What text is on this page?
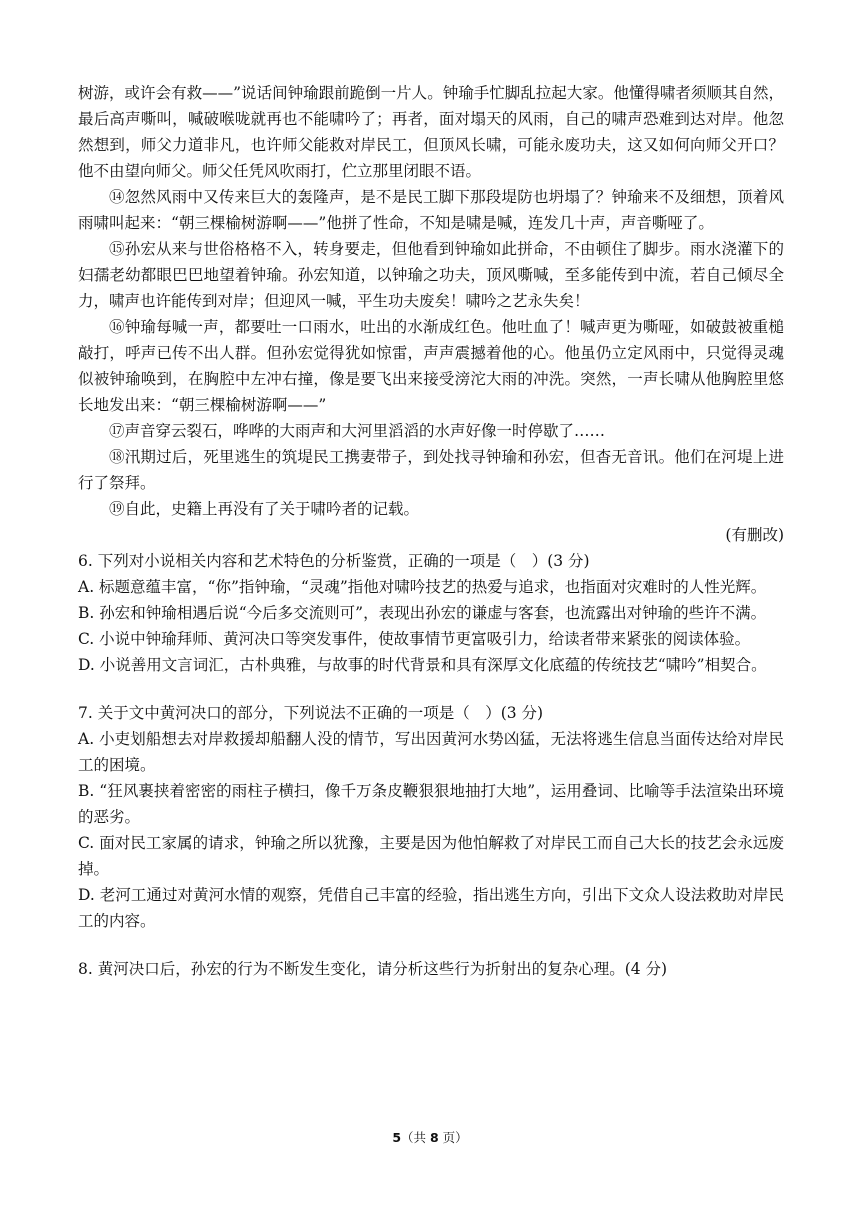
树游，或许会有救——”说话间钟瑜跟前跪倒一片人。钟瑜手忙脚乱拉起大家。他懂得啸者须顺其自然，最后高声嘶叫，喊破喉咙就再也不能啸吟了；再者，面对塌天的风雨，自己的啸声恐难到达对岸。他忽然想到，师父力道非凡，也许师父能救对岸民工，但顶风长啸，可能永废功夫，这又如何向师父开口？他不由望向师父。师父任凭风吹雨打，伫立那里闭眼不语。

⑭忽然风雨中又传来巨大的轰隆声，是不是民工脚下那段堤防也坍塌了？钟瑜来不及细想，顶着风雨啸叫起来：“朝三棵榆树游啊——”他拼了性命，不知是啸是喊，连发几十声，声音嘶哑了。

⑮孙宏从来与世俗格格不入，转身要走，但他看到钟瑜如此拼命，不由顿住了脚步。雨水浇灌下的妇孺老幼都眼巴巴地望着钟瑜。孙宏知道，以钟瑜之功夫，顶风嘶喊，至多能传到中流，若自己倾尽全力，啸声也许能传到对岸；但迎风一喊，平生功夫废矣！啸吟之艺永失矣！

⑯钟瑜每喊一声，都要吐一口雨水，吐出的水渐成红色。他吐血了！喊声更为嘶哑，如破鼓被重槌敲打，呼声已传不出人群。但孙宏觉得犹如惊雷，声声震撼着他的心。他虽仍立定风雨中，只觉得灵魂似被钟瑜唤到，在胸腔中左冲右撞，像是要飞出来接受滂沱大雨的冲洗。突然，一声长啸从他胸腔里悠长地发出来：“朝三棵榆树游啊——”

⑰声音穿云裂石，哗哗的大雨声和大河里滔滔的水声好像一时停歇了……

⑱汛期过后，死里逃生的筑堤民工携妻带子，到处找寻钟瑜和孙宏，但杳无音讯。他们在河堤上进行了祭拜。

⑲自此，史籍上再没有了关于啸吟者的记载。

(有删改)

6. 下列对小说相关内容和艺术特色的分析鉴赏，正确的一项是（　）(3 分)

A. 标题意蕴丰富，“你”指钟瑜，“灵魂”指他对啸吟技艺的热爱与追求，也指面对灾难时的人性光辉。

B. 孙宏和钟瑜相遇后说“今后多交流则可”，表现出孙宏的谦虚与客套，也流露出对钟瑜的些许不满。

C. 小说中钟瑜拜师、黄河决口等突发事件，使故事情节更富吸引力，给读者带来紧张的阅读体验。

D. 小说善用文言词汇，古朴典雅，与故事的时代背景和具有深厚文化底蕴的传统技艺“啸吟”相契合。

7. 关于文中黄河决口的部分，下列说法不正确的一项是（　）(3 分)

A. 小吏划船想去对岸救援却船翻人没的情节，写出因黄河水势凶猛，无法将逃生信息当面传达给对岸民工的困境。

B. “狂风裹挟着密密的雨柱子横扫，像千万条皮鞭狠狠地抽打大地”，运用叠词、比喻等手法渲染出环境的恶劣。

C. 面对民工家属的请求，钟瑜之所以犹豫，主要是因为他怕解救了对岸民工而自己大长的技艺会永远废掉。

D. 老河工通过对黄河水情的观察，凭借自己丰富的经验，指出逃生方向，引出下文众人设法救助对岸民工的内容。

8. 黄河决口后，孙宏的行为不断发生变化，请分析这些行为折射出的复杂心理。(4 分)

5（共 8 页）
